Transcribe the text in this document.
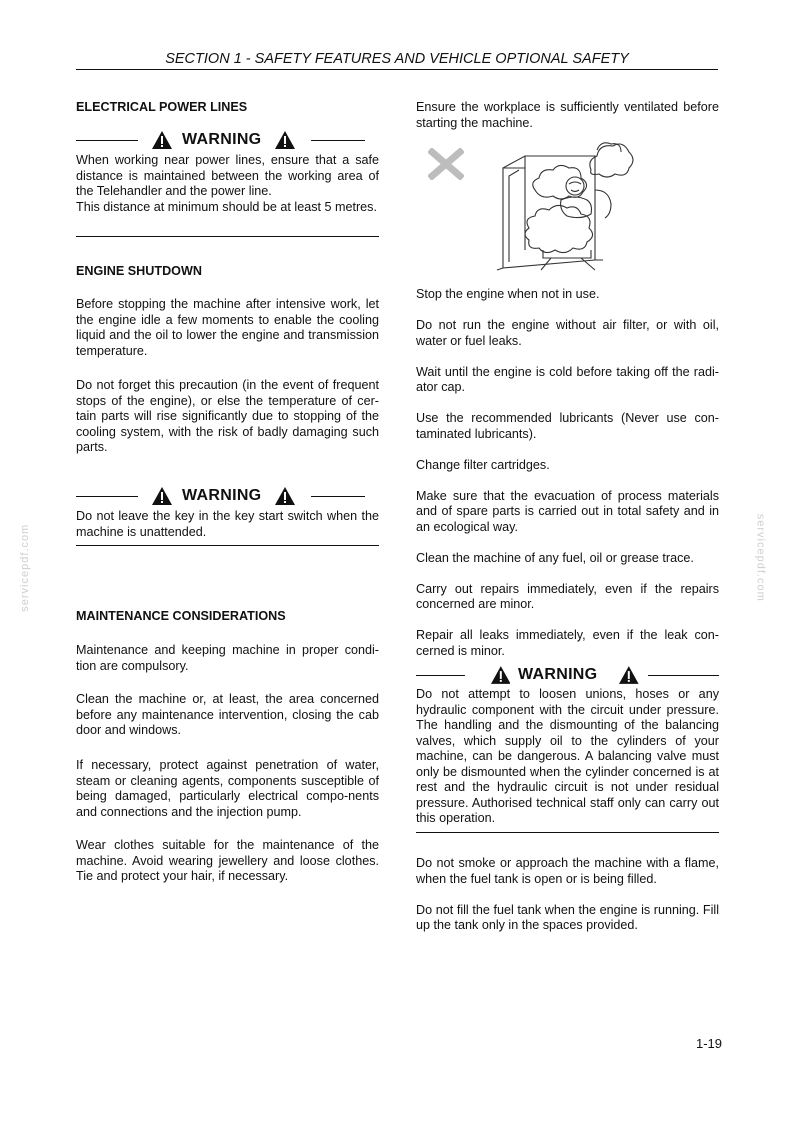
SECTION 1 - SAFETY FEATURES AND VEHICLE OPTIONAL SAFETY
servicepdf.com	servicepdf.com
ELECTRICAL POWER LINES
WARNING

When working near power lines, ensure that a safe distance is maintained between the working area of the Telehandler and the power line.

This distance at minimum should be at least 5 metres.

ENGINE SHUTDOWN

Before stopping the machine after intensive work, let the engine idle a few moments to enable the cooling liquid and the oil to lower the engine and transmission temperature.

Do not forget this precaution (in the event of frequent stops of the engine), or else the temperature of cer-tain parts will rise significantly due to stopping of the cooling system, with the risk of badly damaging such parts.

WARNING

Do not leave the key in the key start switch when the machine is unattended.

MAINTENANCE CONSIDERATIONS

Maintenance and keeping machine in proper condi-tion are compulsory.

Clean the machine or, at least, the area concerned before any maintenance intervention, closing the cab door and windows.

If necessary, protect against penetration of water, steam or cleaning agents, components susceptible of being damaged, particularly electrical compo-nents and connections and the injection pump.

Wear clothes suitable for the maintenance of the machine. Avoid wearing jewellery and loose clothes. Tie and protect your hair, if necessary.

Ensure the workplace is sufficiently ventilated before starting the machine.

Stop the engine when not in use.

Do not run the engine without air filter, or with oil, water or fuel leaks.

Wait until the engine is cold before taking off the radi-ator cap.

Use the recommended lubricants (Never use con-taminated lubricants).

Change filter cartridges.

Make sure that the evacuation of process materials and of spare parts is carried out in total safety and in an ecological way.

Clean the machine of any fuel, oil or grease trace.

Carry out repairs immediately, even if the repairs concerned are minor.

Repair all leaks immediately, even if the leak con-cerned is minor.

WARNING

Do not attempt to loosen unions, hoses or any hydraulic component with the circuit under pressure. The handling and the dismounting of the balancing valves, which supply oil to the cylinders of your machine, can be dangerous. A balancing valve must only be dismounted when the cylinder concerned is at rest and the hydraulic circuit is not under residual pressure. Authorised technical staff only can carry out this operation.

Do not smoke or approach the machine with a flame, when the fuel tank is open or is being filled.

Do not fill the fuel tank when the engine is running. Fill up the tank only in the spaces provided.

1-19
